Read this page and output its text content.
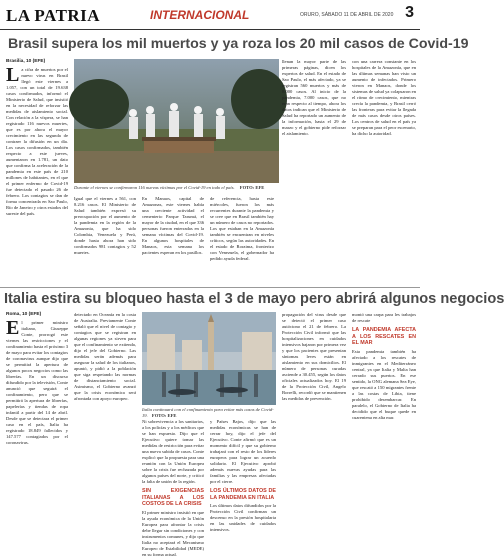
LA PATRIA	INTERNACIONAL	ORURO, SÁBADO 11 DE ABRIL DE 2020 3
Brasil supera los mil muertos y ya roza los 20 mil casos de Covid-19
Brasilia, 10 (EFE)
L a cifra de muertos por el nuevo virus en Brasil llegó este viernes a 1.057, con un total de 19.638 casos confirmados, informó el Ministerio de Salud, que insistió en la necesidad de reforzar las medidas de aislamiento social. Con relación a la víspera, se han registrado 116 nuevos muertes, que es por ahora el mayor crecimiento en las segunda de contraer la difusión en un día. Los casos confirmados, también respecto a este jueves, aumentaron en 1.781, un dato que confirma la aceleración de la pandemia en este país de 210 millones de habitantes, en el que el primer enfermo de Covid-19 fue detectado el pasado 26 de febrero. Los contagios se dan de forma concentrada en Sao Paulo, Río de Janeiro y otros estados del sureste del país.
Durante el viernes se confirmaron 116 nuevas víctimas por el Covid-19 en todo el país. FOTO: EFE
Igual que el viernes a 561, con 8.216 casos. El Ministerio de Salud también expresó su preocupación por el aumento de la pandemia en la región de la Amazonia, que ha sido Colombia, Venezuela y Perú, donde hasta ahora han sido confirmados 981 contagios y 52 muertes.
En Manaos, capital de Amazonas, este viernes había una creciente actividad el cementerio Parque Tarumá, el mayor de la ciudad, en el que 336 personas fueron enterradas en la semana víctimas del Covid-19. En algunos hospitales de Manaos, esta semana los pacientes esperan en los pasillos.
de referencia, hasta este miércoles, fueron los más recurrentes durante la pandemia y se cree que en Brasil también hay un número de casos no reportados. Los que estaban en la Amazonía también se encuentran en niveles críticos, según las autoridades. En el estado de Roraima, fronterizo con Venezuela, el gobernador ha pedido ayuda federal.
llenan la mayor parte de las primeras páginas, dicen los expertos de salud. En el estado de Sao Paulo, el más afectado, ya se registran 560 muertos y más de 8.000 casos. Al inicio de la pandemia, 7.000 casos, que no eran respecto al tiempo, ahora los datos indican que el Ministerio de Salud ha reportado un aumento de la información, hasta el 29 de marzo y el gobierno pide reforzar el aislamiento.
con una carrera constante en los hospitales de la Amazonía, que en las últimas semanas han visto un aumento de infectados. Primero vieron en Manaos, donde los sistemas de salud ya colapsaron en el ritmo de crecimiento, mientras crecía la pandemia, y Brasil cerró las fronteras para evitar la llegada de más casos desde otros países. Los centros de salud en el país ya se preparan para el peor escenario, ha dicho la autoridad.
Italia estira su bloqueo hasta el 3 de mayo pero abrirá algunos negocios
Roma, 10 (EFE)
E l primer ministro italiano, Giuseppe Conte, prorrogó este viernes las restricciones y el confinamiento hasta el próximo 3 de mayo para evitar los contagios de coronavirus aunque dijo que se permitirá la apertura de algunos pocos negocios como las librerías. En un discurso difundido por la televisión, Conte anunció que seguirá el confinamiento, pero que se permitirá la apertura de librerías, papelerías y tiendas de ropa infantil a partir del 14 de abril. Desde que se detectara el primer caso en el país, Italia ha registrado 18.849 fallecidos y 147.577 contagiados por el coronavirus.
detectado en Oceanía en la costa de Australia. Previamente Conte señaló que el nivel de contagio y contagios que se registran en algunas regiones ya sirven para que el confinamiento se extienda, dijo el jefe del Gobierno. Las medidas serán además para asegurar la salud de los italianos, apuntó, y pidió a la población que siga respetando las normas de distanciamiento social. Asimismo, el Gobierno avanzó que la crisis económica será afrontada con apoyo europeo.
Italia continuará con el confinamiento para evitar más casos de Covid-19. FOTO: EFE
Ni sobrevivencia a los sanitarios, a los policías y a los médicos que se han expuesto. Dijo que el Ejecutivo quiere tomar las medidas de restricción para evitar una nueva subida de casos. Conte explicó que la propuesta para una reunión con la Unión Europea sobre la crisis fue rechazada por algunos países del norte, y criticó la falta de unión de la región.
SIN EXIGENCIAS ITALIANAS A LOS COSTOS DE LA CRISIS
El primer ministro insistió en que la ayuda económica de la Unión Europea para afrontar la crisis debe llegar sin condiciones y con instrumentos comunes, y dijo que Italia no aceptará el Mecanismo Europeo de Estabilidad (MEDE) en su forma actual.
y Países Bajos, dijo que las medidas económicas se han de cerrar hoy, dijo el jefe del Ejecutivo. Conte afirmó que es un momento difícil y que su gobierno trabajará con el resto de los líderes europeos para lograr un acuerdo solidario. El Ejecutivo aprobó además nuevas ayudas para las familias y las empresas afectadas por el cierre.
LOS ÚLTIMOS DATOS DE LA PANDEMIA EN ITALIA
Los últimos datos difundidos por la Protección Civil confirman un descenso en la presión hospitalaria en las unidades de cuidados intensivos.
propagación del virus desde que se detectó el primer caso autóctono el 21 de febrero. La Protección Civil informó que las hospitalizaciones en cuidados intensivos bajaron por primera vez y que los pacientes que presentan síntomas leves están en aislamiento en sus domicilios. El número de personas curadas asciende a 30.455, según los datos oficiales actualizados hoy. El 19 de la Protección Civil, Angelo Borrelli, recordó que se mantienen las medidas de prevención.
montó una carpa para les trabajos de rescate
LA PANDEMIA AFECTA A LOS RESCATES EN EL MAR
Esta pandemia también ha afectado a los rescates de inmigrantes en el Mediterráneo central, ya que Italia y Malta han cerrado sus puertos. En ese sentido, la ONG alemana Sea Eye, que rescató a 150 migrantes frente a las costas de Libia, tiene prohibido desembarcar. En paralelo, el Gobierno de Italia ha decidido que el buque quede en cuarentena en alta mar.
